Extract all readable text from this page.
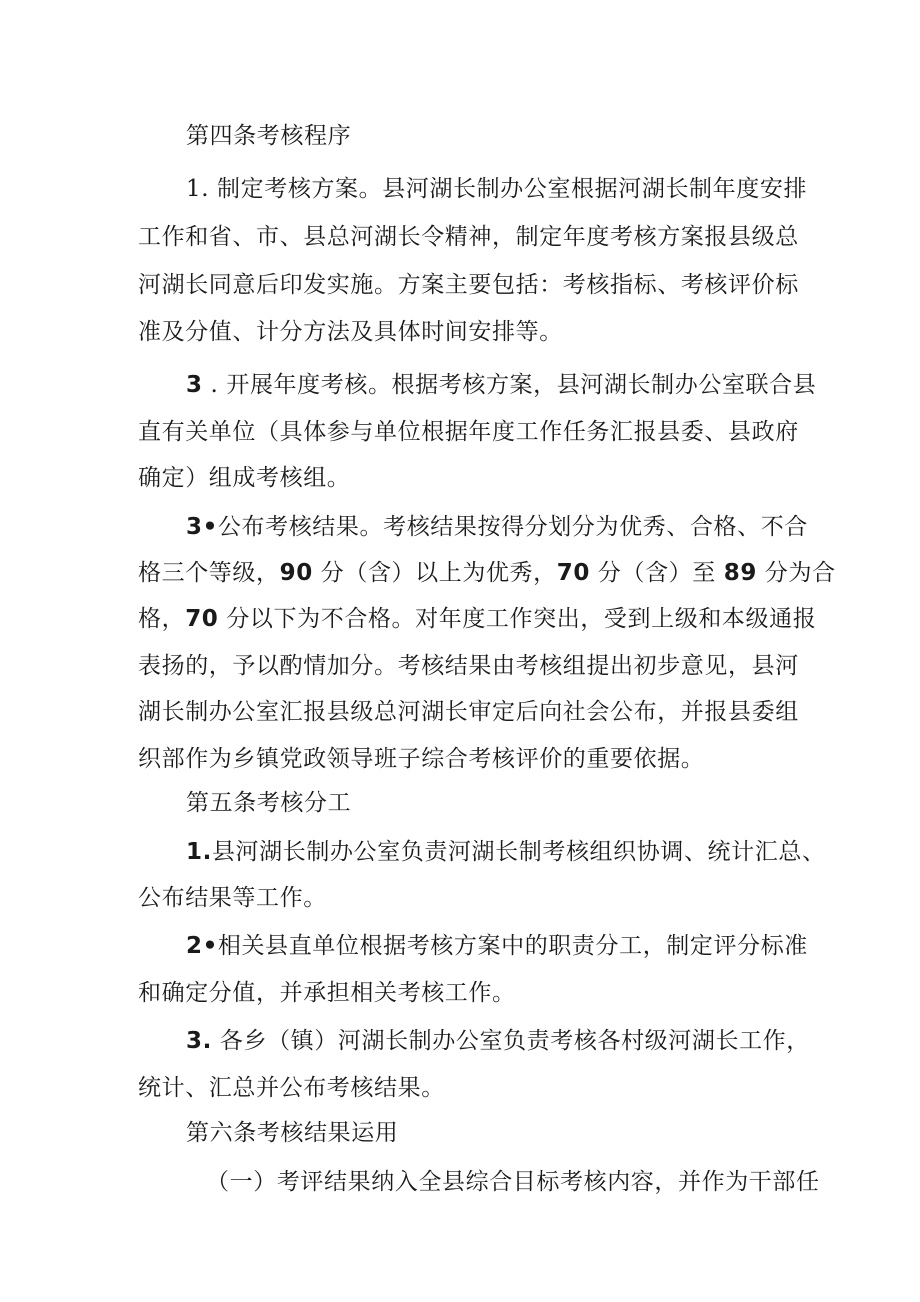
第四条考核程序
1. 制定考核方案。县河湖长制办公室根据河湖长制年度安排
工作和省、市、县总河湖长令精神，制定年度考核方案报县级总
河湖长同意后印发实施。方案主要包括：考核指标、考核评价标
准及分值、计分方法及具体时间安排等。
3 . 开展年度考核。根据考核方案，县河湖长制办公室联合县
直有关单位（具体参与单位根据年度工作任务汇报县委、县政府
确定）组成考核组。
3•公布考核结果。考核结果按得分划分为优秀、合格、不合
格三个等级，90 分（含）以上为优秀，70 分（含）至 89 分为合
格，70 分以下为不合格。对年度工作突出，受到上级和本级通报
表扬的，予以酌情加分。考核结果由考核组提出初步意见，县河
湖长制办公室汇报县级总河湖长审定后向社会公布，并报县委组
织部作为乡镇党政领导班子综合考核评价的重要依据。
第五条考核分工
1.县河湖长制办公室负责河湖长制考核组织协调、统计汇总、
公布结果等工作。
2•相关县直单位根据考核方案中的职责分工，制定评分标准
和确定分值，并承担相关考核工作。
3. 各乡（镇）河湖长制办公室负责考核各村级河湖长工作，
统计、汇总并公布考核结果。
第六条考核结果运用
（一）考评结果纳入全县综合目标考核内容，并作为干部任
